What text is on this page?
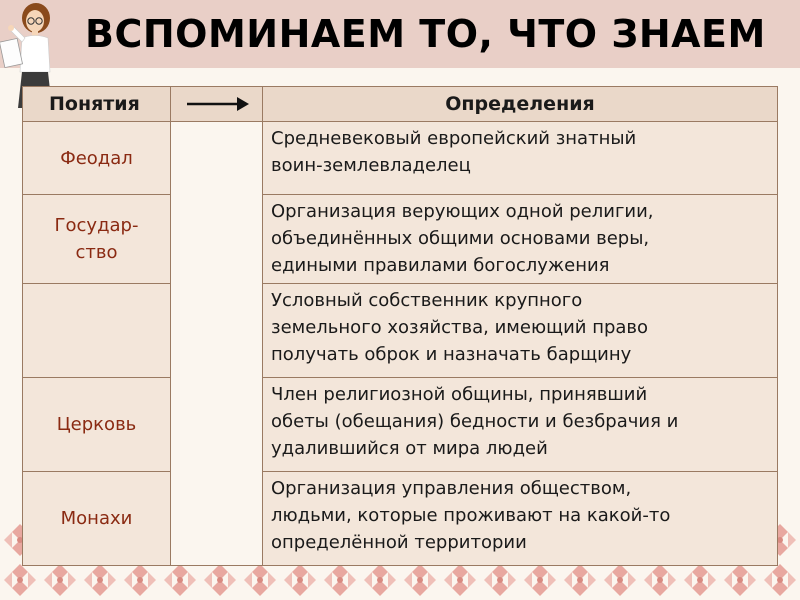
ВСПОМИНАЕМ ТО, ЧТО ЗНАЕМ
Понятия		Определения
Феодал		Средневековый европейский знатный
воин-землевладелец

Государ-
ство		Организация верующих одной религии,
объединённых общими основами веры,
едиными правилами богослужения

		Условный собственник крупного
земельного хозяйства, имеющий право
получать оброк и назначать барщину

Церковь		Член религиозной общины, принявший
обеты (обещания) бедности и безбрачия и
удалившийся от мира людей

Монахи		Организация управления обществом,
людьми, которые проживают на какой-то
определённой территории
